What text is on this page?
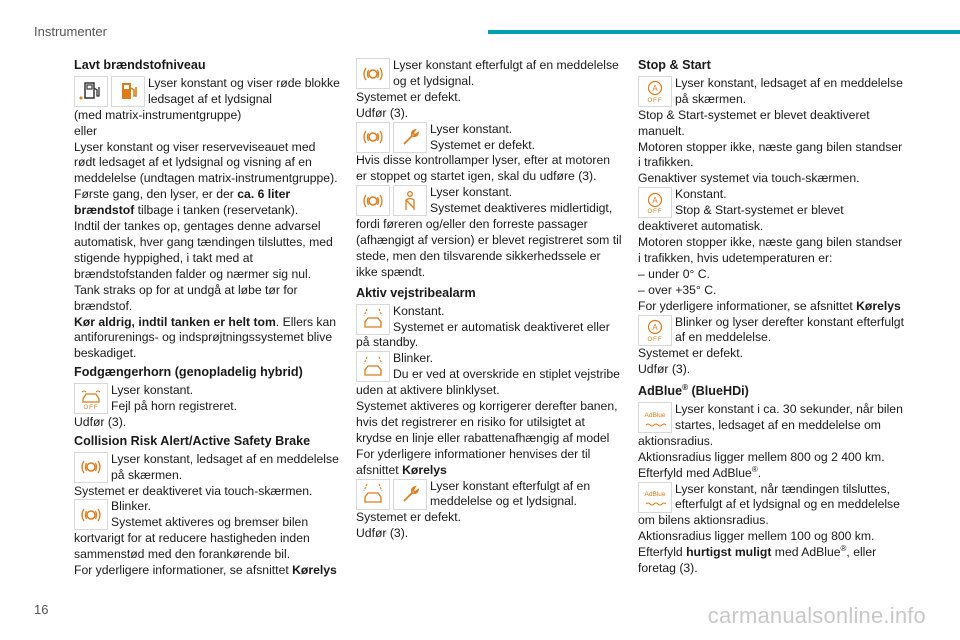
Instrumenter
Lavt brændstofniveau

Lyser konstant og viser røde blokke ledsaget af et lydsignal

(med matrix-instrumentgruppe)

eller

Lyser konstant og viser reserveviseauet med rødt ledsaget af et lydsignal og visning af en meddelelse (undtagen matrix-instrumentgruppe).

Første gang, den lyser, er der ca. 6 liter brændstof tilbage i tanken (reservetank).

Indtil der tankes op, gentages denne advarsel automatisk, hver gang tændingen tilsluttes, med stigende hyppighed, i takt med at brændstofstanden falder og nærmer sig nul.

Tank straks op for at undgå at løbe tør for brændstof.

Kør aldrig, indtil tanken er helt tom. Ellers kan antiforurenings- og indsprøjtningssystemet blive beskadiget.

Fodgængerhorn (genopladelig hybrid)
OFF

Lyser konstant.

Fejl på horn registreret.

Udfør (3).

Collision Risk Alert/Active Safety Brake

Lyser konstant, ledsaget af en meddelelse på skærmen.

Systemet er deaktiveret via touch-skærmen.

Blinker.

Systemet aktiveres og bremser bilen kortvarigt for at reducere hastigheden inden sammenstød med den forankørende bil.

For yderligere informationer, se afsnittet Kørelys

Lyser konstant efterfulgt af en meddelelse og et lydsignal.

Systemet er defekt.

Udfør (3).

Lyser konstant.

Systemet er defekt.

Hvis disse kontrollamper lyser, efter at motoren er stoppet og startet igen, skal du udføre (3).

Lyser konstant.

Systemet deaktiveres midlertidigt, fordi føreren og/eller den forreste passager (afhængigt af version) er blevet registreret som til stede, men den tilsvarende sikkerhedssele er ikke spændt.

Aktiv vejstribealarm

Konstant.

Systemet er automatisk deaktiveret eller på standby.

Blinker.

Du er ved at overskride en stiplet vejstribe uden at aktivere blinklyset.

Systemet aktiveres og korrigerer derefter banen, hvis det registrerer en risiko for utilsigtet at krydse en linje eller rabattenafhængig af model

For yderligere informationer henvises der til afsnittet Kørelys

Lyser konstant efterfulgt af en meddelelse og et lydsignal.

Systemet er defekt.

Udfør (3).

Stop & Start
A
OFF

Lyser konstant, ledsaget af en meddelelse på skærmen.

Stop & Start-systemet er blevet deaktiveret manuelt.

Motoren stopper ikke, næste gang bilen standser i trafikken.

Genaktiver systemet via touch-skærmen.

A
OFF

Konstant.

Stop & Start-systemet er blevet deaktiveret automatisk.

Motoren stopper ikke, næste gang bilen standser i trafikken, hvis udetemperaturen er:

– under 0° C.

– over +35° C.

For yderligere informationer, se afsnittet Kørelys

A
OFF

Blinker og lyser derefter konstant efterfulgt af en meddelelse.

Systemet er defekt.

Udfør (3).

AdBlue® (BlueHDi)
AdBlue Lyser konstant i ca. 30 sekunder, når bilen startes, ledsaget af en meddelelse om aktionsradius.

Aktionsradius ligger mellem 800 og 2 400 km.

Efterfyld med AdBlue®.

AdBlue Lyser konstant, når tændingen tilsluttes, efterfulgt af et lydsignal og en meddelelse om bilens aktionsradius.

Aktionsradius ligger mellem 100 og 800 km.

Efterfyld hurtigst muligt med AdBlue®, eller foretag (3).

16	carmanualsonline.info
